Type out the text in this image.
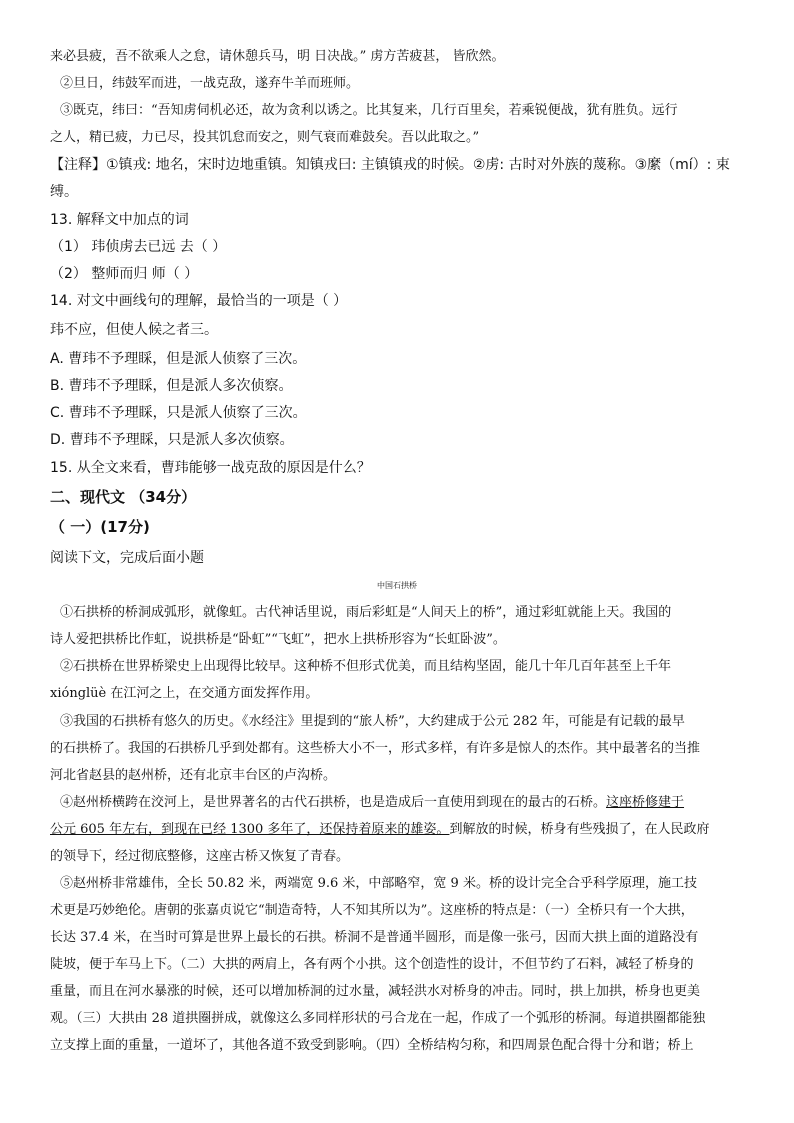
来必县疲，吾不欲乘人之怠，请休憩兵马，明 日决战。” 虏方苦疲甚， 皆欣然。
②旦日，纬鼓军而进，一战克敌，遂弃牛羊而班师。
③既克，纬曰：“吾知虏伺机必还，故为贪利以诱之。比其复来，几行百里矣，若乘锐便战，犹有胜负。远行
之人，精已疲，力已尽，投其饥怠而安之，则气衰而难鼓矣。吾以此取之。”
【注释】①镇戎: 地名，宋时边地重镇。知镇戎曰: 主镇镇戎的时候。②虏: 古时对外族的蔑称。③縻（mí）: 束
缚。
13. 解释文中加点的词
（1） 玮侦虏去已远 去（ ）
（2） 整师而归 师（ ）
14. 对文中画线句的理解，最恰当的一项是（ ）
玮不应，但使人候之者三。
A. 曹玮不予理睬，但是派人侦察了三次。
B. 曹玮不予理睬，但是派人多次侦察。
C. 曹玮不予理睬，只是派人侦察了三次。
D. 曹玮不予理睬，只是派人多次侦察。
15. 从全文来看，曹玮能够一战克敌的原因是什么？
二、现代文 （34分）
（ 一）(17分)
阅读下文，完成后面小题
中国石拱桥
①石拱桥的桥洞成弧形，就像虹。古代神话里说，雨后彩虹是“人间天上的桥”，通过彩虹就能上天。我国的
诗人爱把拱桥比作虹，说拱桥是“卧虹”“飞虹”，把水上拱桥形容为“长虹卧波”。
②石拱桥在世界桥梁史上出现得比较早。这种桥不但形式优美，而且结构坚固，能几十年几百年甚至上千年
xiónglüè 在江河之上，在交通方面发挥作用。
③我国的石拱桥有悠久的历史。《水经注》里提到的“旅人桥”，大约建成于公元 282 年，可能是有记载的最早
的石拱桥了。我国的石拱桥几乎到处都有。这些桥大小不一，形式多样，有许多是惊人的杰作。其中最著名的当推
河北省赵县的赵州桥，还有北京丰台区的卢沟桥。
④赵州桥横跨在洨河上，是世界著名的古代石拱桥，也是造成后一直使用到现在的最古的石桥。这座桥修建于
公元 605 年左右，到现在已经 1300 多年了，还保持着原来的雄姿。到解放的时候，桥身有些残损了，在人民政府
的领导下，经过彻底整修，这座古桥又恢复了青春。
⑤赵州桥非常雄伟，全长 50.82 米，两端宽 9.6 米，中部略窄，宽 9 米。桥的设计完全合乎科学原理，施工技
术更是巧妙绝伦。唐朝的张嘉贞说它“制造奇特，人不知其所以为”。这座桥的特点是：（一）全桥只有一个大拱，
长达 37.4 米，在当时可算是世界上最长的石拱。桥洞不是普通半圆形，而是像一张弓，因而大拱上面的道路没有
陡坡，便于车马上下。（二）大拱的两肩上，各有两个小拱。这个创造性的设计，不但节约了石料，减轻了桥身的
重量，而且在河水暴涨的时候，还可以增加桥洞的过水量，减轻洪水对桥身的冲击。同时，拱上加拱，桥身也更美
观。（三）大拱由 28 道拱圈拼成，就像这么多同样形状的弓合龙在一起，作成了一个弧形的桥洞。每道拱圈都能独
立支撑上面的重量，一道坏了，其他各道不致受到影响。（四）全桥结构匀称，和四周景色配合得十分和谐；桥上
